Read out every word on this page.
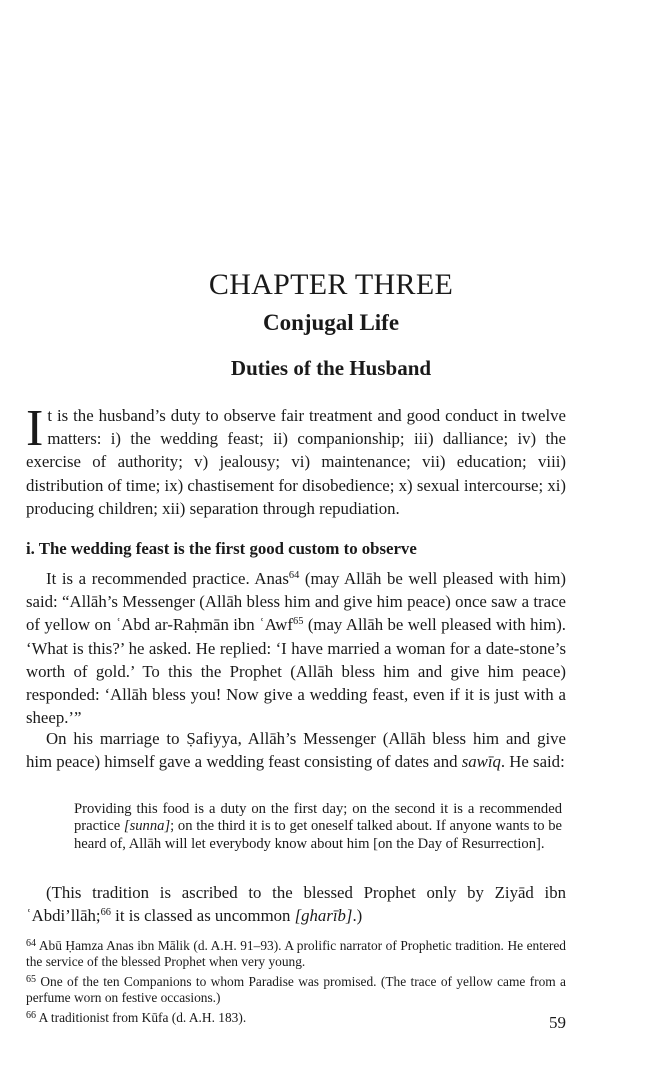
CHAPTER THREE
Conjugal Life
Duties of the Husband

It is the husband’s duty to observe fair treatment and good conduct in twelve matters: i) the wedding feast; ii) companionship; iii) dalliance; iv) the exercise of authority; v) jealousy; vi) maintenance; vii) education; viii) distribution of time; ix) chastisement for disobedience; x) sexual intercourse; xi) producing children; xii) separation through repudiation.

i. The wedding feast is the first good custom to observe

It is a recommended practice. Anas$^{64}$ (may Allāh be well pleased with him) said: “Allāh’s Messenger (Allāh bless him and give him peace) once saw a trace of yellow on ʿAbd ar-Raḥmān ibn ʿAwf$^{65}$ (may Allāh be well pleased with him). ‘What is this?’ he asked. He replied: ‘I have married a woman for a date-stone’s worth of gold.’ To this the Prophet (Allāh bless him and give him peace) responded: ‘Allāh bless you! Now give a wedding feast, even if it is just with a sheep.’”

On his marriage to Ṣafiyya, Allāh’s Messenger (Allāh bless him and give him peace) himself gave a wedding feast consisting of dates and sawīq. He said:

Providing this food is a duty on the first day; on the second it is a recommended practice [sunna]; on the third it is to get oneself talked about. If anyone wants to be heard of, Allāh will let everybody know about him [on the Day of Resurrection].

(This tradition is ascribed to the blessed Prophet only by Ziyād ibn ʿAbdi’llāh;$^{66}$ it is classed as uncommon [gharīb].)

$^{64}$ Abū Ḥamza Anas ibn Mālik (d. A.H. 91–93). A prolific narrator of Prophetic tradition. He entered the service of the blessed Prophet when very young.

$^{65}$ One of the ten Companions to whom Paradise was promised. (The trace of yellow came from a perfume worn on festive occasions.)

$^{66}$ A traditionist from Kūfa (d. A.H. 183).	59
